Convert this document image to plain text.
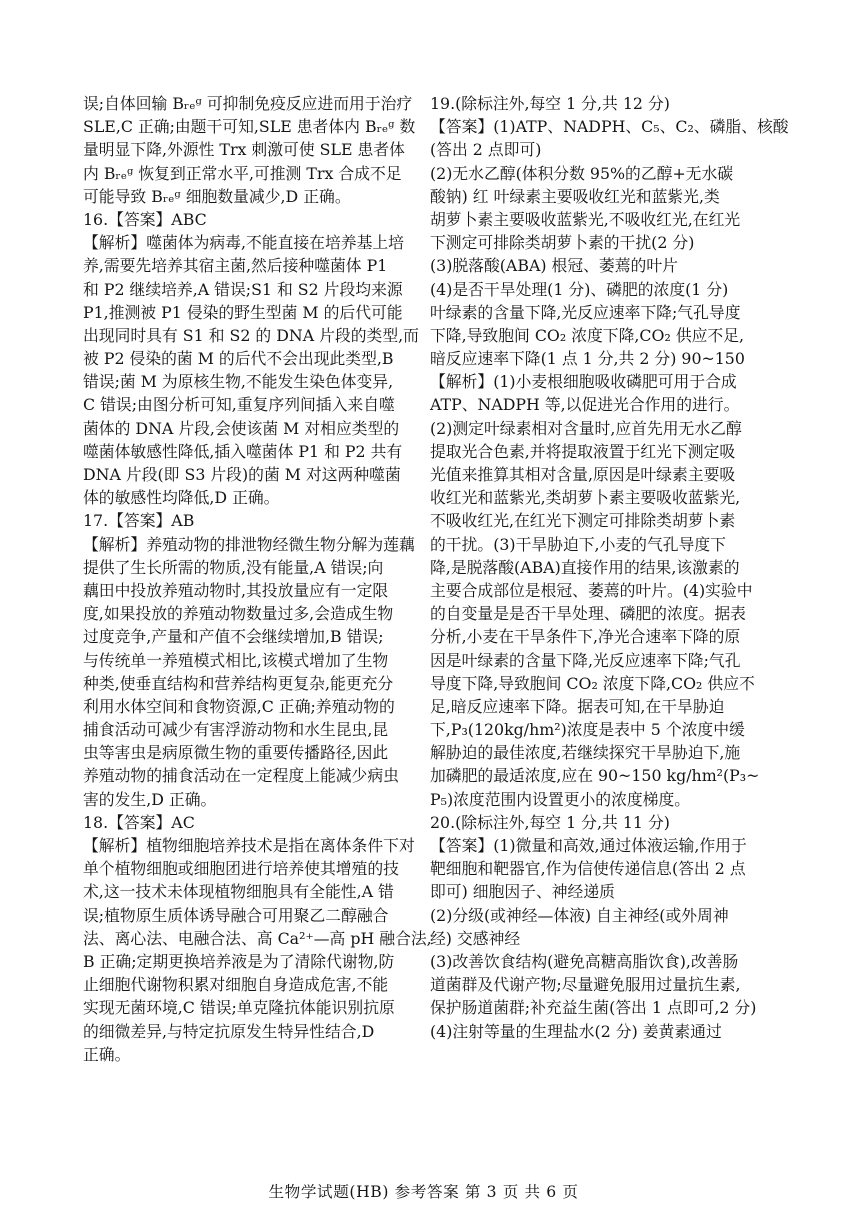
误;自体回输 Bᵣₑᵍ 可抑制免疫反应进而用于治疗
SLE,C 正确;由题干可知,SLE 患者体内 Bᵣₑᵍ 数
量明显下降,外源性 Trx 刺激可使 SLE 患者体
内 Bᵣₑᵍ 恢复到正常水平,可推测 Trx 合成不足
可能导致 Bᵣₑᵍ 细胞数量减少,D 正确。
16.【答案】ABC
【解析】噬菌体为病毒,不能直接在培养基上培
养,需要先培养其宿主菌,然后接种噬菌体 P1
和 P2 继续培养,A 错误;S1 和 S2 片段均来源
P1,推测被 P1 侵染的野生型菌 M 的后代可能
出现同时具有 S1 和 S2 的 DNA 片段的类型,而
被 P2 侵染的菌 M 的后代不会出现此类型,B
错误;菌 M 为原核生物,不能发生染色体变异,
C 错误;由图分析可知,重复序列间插入来自噬
菌体的 DNA 片段,会使该菌 M 对相应类型的
噬菌体敏感性降低,插入噬菌体 P1 和 P2 共有
DNA 片段(即 S3 片段)的菌 M 对这两种噬菌
体的敏感性均降低,D 正确。
17.【答案】AB
【解析】养殖动物的排泄物经微生物分解为莲藕
提供了生长所需的物质,没有能量,A 错误;向
藕田中投放养殖动物时,其投放量应有一定限
度,如果投放的养殖动物数量过多,会造成生物
过度竞争,产量和产值不会继续增加,B 错误;
与传统单一养殖模式相比,该模式增加了生物
种类,使垂直结构和营养结构更复杂,能更充分
利用水体空间和食物资源,C 正确;养殖动物的
捕食活动可减少有害浮游动物和水生昆虫,昆
虫等害虫是病原微生物的重要传播路径,因此
养殖动物的捕食活动在一定程度上能减少病虫
害的发生,D 正确。
18.【答案】AC
【解析】植物细胞培养技术是指在离体条件下对
单个植物细胞或细胞团进行培养使其增殖的技
术,这一技术未体现植物细胞具有全能性,A 错
误;植物原生质体诱导融合可用聚乙二醇融合
法、离心法、电融合法、高 Ca²⁺—高 pH 融合法,
B 正确;定期更换培养液是为了清除代谢物,防
止细胞代谢物积累对细胞自身造成危害,不能
实现无菌环境,C 错误;单克隆抗体能识别抗原
的细微差异,与特定抗原发生特异性结合,D
正确。
19.(除标注外,每空 1 分,共 12 分)
【答案】(1)ATP、NADPH、C₅、C₂、磷脂、核酸
(答出 2 点即可)
(2)无水乙醇(体积分数 95%的乙醇+无水碳
酸钠) 红 叶绿素主要吸收红光和蓝紫光,类
胡萝卜素主要吸收蓝紫光,不吸收红光,在红光
下测定可排除类胡萝卜素的干扰(2 分)
(3)脱落酸(ABA) 根冠、萎蔫的叶片
(4)是否干旱处理(1 分)、磷肥的浓度(1 分)
叶绿素的含量下降,光反应速率下降;气孔导度
下降,导致胞间 CO₂ 浓度下降,CO₂ 供应不足,
暗反应速率下降(1 点 1 分,共 2 分) 90~150
【解析】(1)小麦根细胞吸收磷肥可用于合成
ATP、NADPH 等,以促进光合作用的进行。
(2)测定叶绿素相对含量时,应首先用无水乙醇
提取光合色素,并将提取液置于红光下测定吸
光值来推算其相对含量,原因是叶绿素主要吸
收红光和蓝紫光,类胡萝卜素主要吸收蓝紫光,
不吸收红光,在红光下测定可排除类胡萝卜素
的干扰。(3)干旱胁迫下,小麦的气孔导度下
降,是脱落酸(ABA)直接作用的结果,该激素的
主要合成部位是根冠、萎蔫的叶片。(4)实验中
的自变量是是否干旱处理、磷肥的浓度。据表
分析,小麦在干旱条件下,净光合速率下降的原
因是叶绿素的含量下降,光反应速率下降;气孔
导度下降,导致胞间 CO₂ 浓度下降,CO₂ 供应不
足,暗反应速率下降。据表可知,在干旱胁迫
下,P₃(120kg/hm²)浓度是表中 5 个浓度中缓
解胁迫的最佳浓度,若继续探究干旱胁迫下,施
加磷肥的最适浓度,应在 90~150 kg/hm²(P₃~
P₅)浓度范围内设置更小的浓度梯度。
20.(除标注外,每空 1 分,共 11 分)
【答案】(1)微量和高效,通过体液运输,作用于
靶细胞和靶器官,作为信使传递信息(答出 2 点
即可) 细胞因子、神经递质
(2)分级(或神经—体液) 自主神经(或外周神
经) 交感神经
(3)改善饮食结构(避免高糖高脂饮食),改善肠
道菌群及代谢产物;尽量避免服用过量抗生素,
保护肠道菌群;补充益生菌(答出 1 点即可,2 分)
(4)注射等量的生理盐水(2 分) 姜黄素通过
生物学试题(HB) 参考答案 第 3 页 共 6 页
